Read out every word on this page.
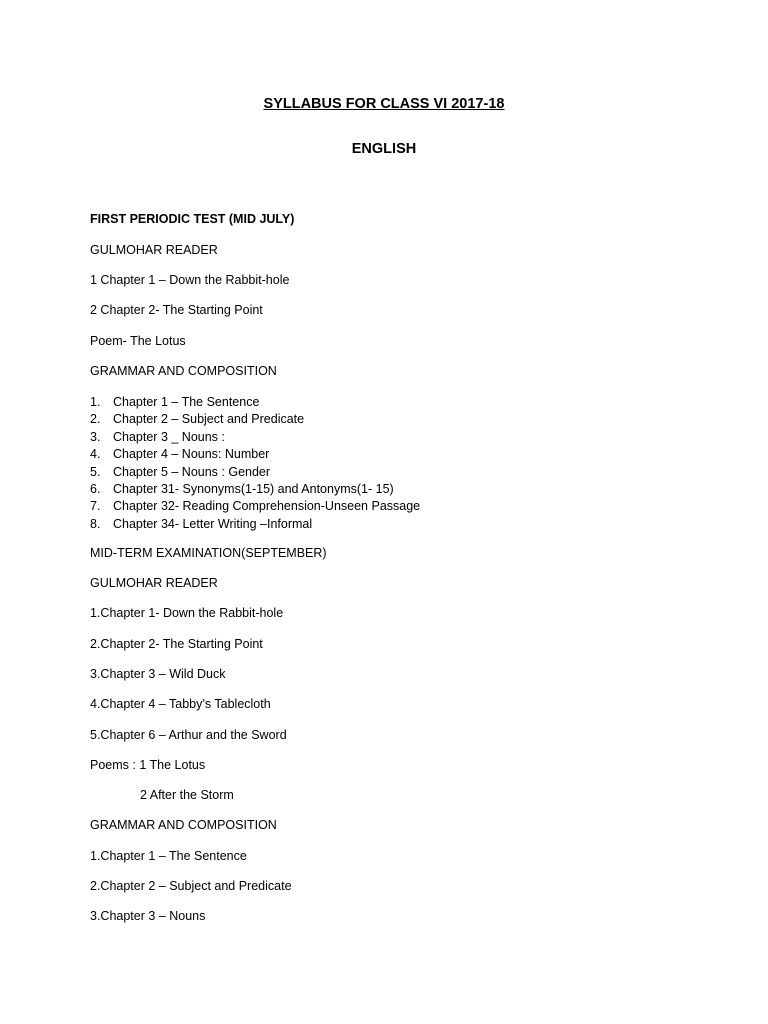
SYLLABUS FOR CLASS VI 2017-18
ENGLISH
FIRST PERIODIC TEST (MID JULY)
GULMOHAR READER
1 Chapter 1 – Down the Rabbit-hole
2 Chapter 2- The Starting Point
Poem- The Lotus
GRAMMAR AND COMPOSITION
1. Chapter 1 – The Sentence
2. Chapter 2 – Subject and Predicate
3. Chapter 3 _ Nouns :
4. Chapter 4 – Nouns: Number
5. Chapter 5 – Nouns : Gender
6. Chapter 31- Synonyms(1-15) and Antonyms(1- 15)
7. Chapter 32- Reading Comprehension-Unseen Passage
8. Chapter 34- Letter Writing –Informal
MID-TERM EXAMINATION(SEPTEMBER)
GULMOHAR READER
1.Chapter 1- Down the Rabbit-hole
2.Chapter 2- The Starting Point
3.Chapter 3 – Wild Duck
4.Chapter 4 – Tabby’s Tablecloth
5.Chapter 6 – Arthur and the Sword
Poems : 1 The Lotus
2 After the Storm
GRAMMAR AND COMPOSITION
1.Chapter 1 – The Sentence
2.Chapter 2 – Subject and Predicate
3.Chapter 3 – Nouns
